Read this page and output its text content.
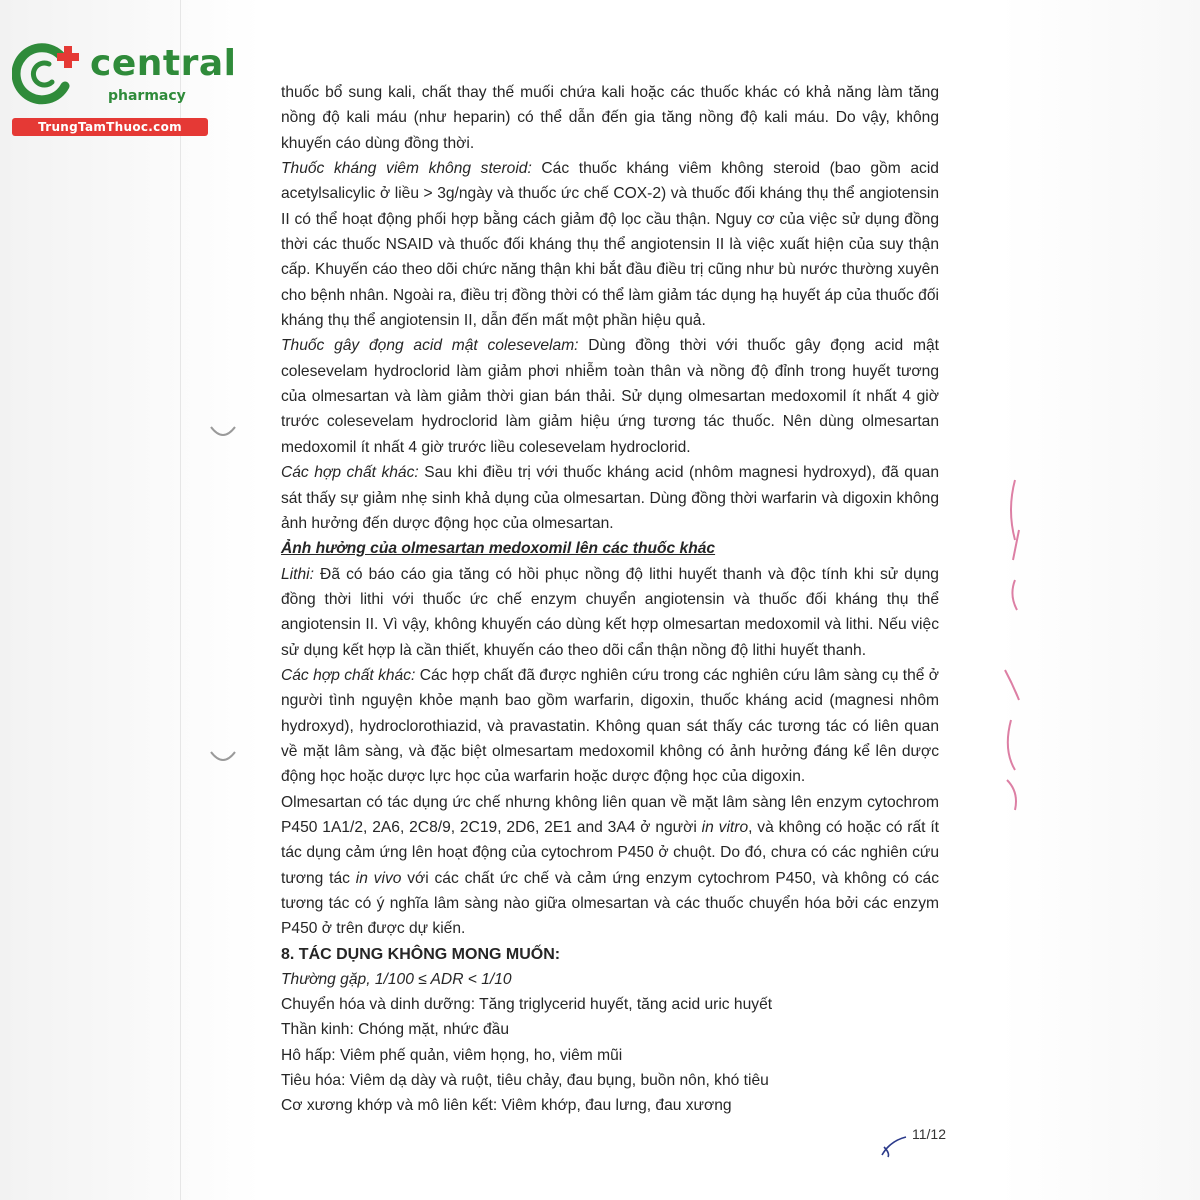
central
pharmacy
TrungTamThuoc.com

thuốc bổ sung kali, chất thay thế muối chứa kali hoặc các thuốc khác có khả năng làm tăng nồng độ kali máu (như heparin) có thể dẫn đến gia tăng nồng độ kali máu. Do vậy, không khuyến cáo dùng đồng thời.

Thuốc kháng viêm không steroid: Các thuốc kháng viêm không steroid (bao gồm acid acetylsalicylic ở liều > 3g/ngày và thuốc ức chế COX-2) và thuốc đối kháng thụ thể angiotensin II có thể hoạt động phối hợp bằng cách giảm độ lọc cầu thận. Nguy cơ của việc sử dụng đồng thời các thuốc NSAID và thuốc đối kháng thụ thể angiotensin II là việc xuất hiện của suy thận cấp. Khuyến cáo theo dõi chức năng thận khi bắt đầu điều trị cũng như bù nước thường xuyên cho bệnh nhân. Ngoài ra, điều trị đồng thời có thể làm giảm tác dụng hạ huyết áp của thuốc đối kháng thụ thể angiotensin II, dẫn đến mất một phần hiệu quả.

Thuốc gây đọng acid mật colesevelam: Dùng đồng thời với thuốc gây đọng acid mật colesevelam hydroclorid làm giảm phơi nhiễm toàn thân và nồng độ đỉnh trong huyết tương của olmesartan và làm giảm thời gian bán thải. Sử dụng olmesartan medoxomil ít nhất 4 giờ trước colesevelam hydroclorid làm giảm hiệu ứng tương tác thuốc. Nên dùng olmesartan medoxomil ít nhất 4 giờ trước liều colesevelam hydroclorid.

Các hợp chất khác: Sau khi điều trị với thuốc kháng acid (nhôm magnesi hydroxyd), đã quan sát thấy sự giảm nhẹ sinh khả dụng của olmesartan. Dùng đồng thời warfarin và digoxin không ảnh hưởng đến dược động học của olmesartan.

Ảnh hưởng của olmesartan medoxomil lên các thuốc khác

Lithi: Đã có báo cáo gia tăng có hồi phục nồng độ lithi huyết thanh và độc tính khi sử dụng đồng thời lithi với thuốc ức chế enzym chuyển angiotensin và thuốc đối kháng thụ thể angiotensin II. Vì vậy, không khuyến cáo dùng kết hợp olmesartan medoxomil và lithi. Nếu việc sử dụng kết hợp là cần thiết, khuyến cáo theo dõi cẩn thận nồng độ lithi huyết thanh.

Các hợp chất khác: Các hợp chất đã được nghiên cứu trong các nghiên cứu lâm sàng cụ thể ở người tình nguyện khỏe mạnh bao gồm warfarin, digoxin, thuốc kháng acid (magnesi nhôm hydroxyd), hydroclorothiazid, và pravastatin. Không quan sát thấy các tương tác có liên quan về mặt lâm sàng, và đặc biệt olmesartam medoxomil không có ảnh hưởng đáng kể lên dược động học hoặc dược lực học của warfarin hoặc dược động học của digoxin.

Olmesartan có tác dụng ức chế nhưng không liên quan về mặt lâm sàng lên enzym cytochrom P450 1A1/2, 2A6, 2C8/9, 2C19, 2D6, 2E1 and 3A4 ở người in vitro, và không có hoặc có rất ít tác dụng cảm ứng lên hoạt động của cytochrom P450 ở chuột. Do đó, chưa có các nghiên cứu tương tác in vivo với các chất ức chế và cảm ứng enzym cytochrom P450, và không có các tương tác có ý nghĩa lâm sàng nào giữa olmesartan và các thuốc chuyển hóa bởi các enzym P450 ở trên được dự kiến.

8. TÁC DỤNG KHÔNG MONG MUỐN:

Thường gặp, 1/100 ≤ ADR < 1/10

Chuyển hóa và dinh dưỡng: Tăng triglycerid huyết, tăng acid uric huyết

Thần kinh: Chóng mặt, nhức đầu

Hô hấp: Viêm phế quản, viêm họng, ho, viêm mũi

Tiêu hóa: Viêm dạ dày và ruột, tiêu chảy, đau bụng, buồn nôn, khó tiêu

Cơ xương khớp và mô liên kết: Viêm khớp, đau lưng, đau xương

11/12
